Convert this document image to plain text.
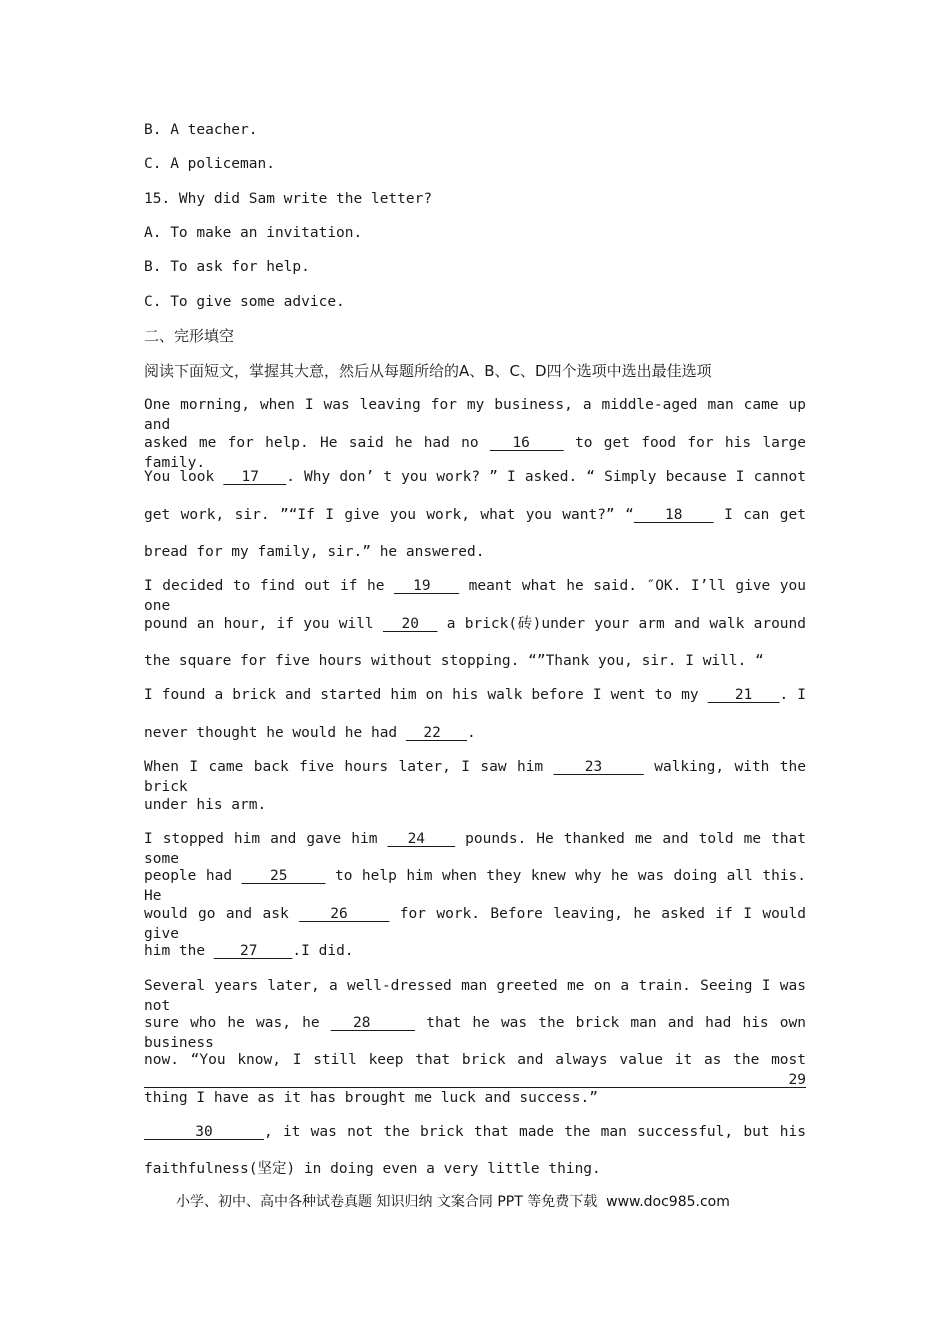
B. A teacher.
C. A policeman.
15. Why did Sam write the letter?
A. To make an invitation.
B. To ask for help.
C. To give some advice.
二、完形填空
阅读下面短文，掌握其大意，然后从每题所给的A、B、C、D四个选项中选出最佳选项
One morning, when I was leaving for my business, a middle-aged man came up and
asked me for help. He said he had no   16    to get food for his large family.
You look   17   . Why don’ t you work? ” I asked. “ Simply because I cannot
get work, sir. ”“If I give you work, what you want?” “   18    I can get
bread for my family, sir.” he answered.
I decided to find out if he   19    meant what he said. ″OK. I’ll give you one
pound an hour, if you will   20   a brick(砖)under your arm and walk around
the square for five hours without stopping. “”Thank you, sir. I will. “
I found a brick and started him on his walk before I went to my    21   . I
never thought he would he had   22   .
When I came back five hours later, I saw him    23     walking, with the brick
under his arm.
I stopped him and gave him   24    pounds. He thanked me and told me that some
people had    25     to help him when they knew why he was doing all this. He
would go and ask    26     for work. Before leaving, he asked if I would give
him the    27    .I did.
Several years later, a well-dressed man greeted me on a train. Seeing I was not
sure who he was, he   28     that he was the brick man and had his own business
now. “You know, I still keep that brick and always value it as the most    29
thing I have as it has brought me luck and success.”
30     , it was not the brick that made the man successful, but his
faithfulness(坚定) in doing even a very little thing.
小学、初中、高中各种试卷真题 知识归纳 文案合同 PPT 等免费下载  www.doc985.com
